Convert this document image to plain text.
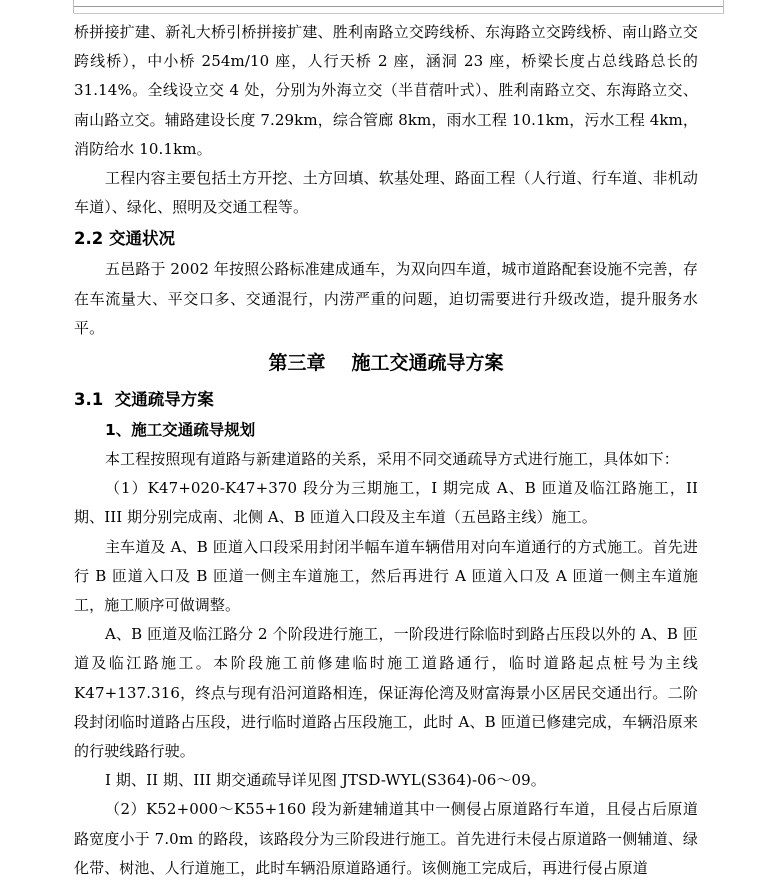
桥拼接扩建、新礼大桥引桥拼接扩建、胜利南路立交跨线桥、东海路立交跨线桥、南山路立交跨线桥），中小桥 254m/10 座，人行天桥 2 座，涵洞 23 座，桥梁长度占总线路总长的 31.14%。全线设立交 4 处，分别为外海立交（半苜蓿叶式）、胜利南路立交、东海路立交、南山路立交。辅路建设长度 7.29km，综合管廊 8km，雨水工程 10.1km，污水工程 4km，消防给水 10.1km。

工程内容主要包括土方开挖、土方回填、软基处理、路面工程（人行道、行车道、非机动车道）、绿化、照明及交通工程等。

2.2 交通状况

五邑路于 2002 年按照公路标准建成通车，为双向四车道，城市道路配套设施不完善，存在车流量大、平交口多、交通混行，内涝严重的问题，迫切需要进行升级改造，提升服务水平。

第三章 施工交通疏导方案

3.1  交通疏导方案

1、施工交通疏导规划

本工程按照现有道路与新建道路的关系，采用不同交通疏导方式进行施工，具体如下：

（1）K47+020-K47+370 段分为三期施工，I 期完成 A、B 匝道及临江路施工，II 期、III 期分别完成南、北侧 A、B 匝道入口段及主车道（五邑路主线）施工。

主车道及 A、B 匝道入口段采用封闭半幅车道车辆借用对向车道通行的方式施工。首先进行 B 匝道入口及 B 匝道一侧主车道施工，然后再进行 A 匝道入口及 A 匝道一侧主车道施工，施工顺序可做调整。

A、B 匝道及临江路分 2 个阶段进行施工，一阶段进行除临时到路占压段以外的 A、B 匝道及临江路施工。本阶段施工前修建临时施工道路通行，临时道路起点桩号为主线 K47+137.316，终点与现有沿河道路相连，保证海伦湾及财富海景小区居民交通出行。二阶段封闭临时道路占压段，进行临时道路占压段施工，此时 A、B 匝道已修建完成，车辆沿原来的行驶线路行驶。

I 期、II 期、III 期交通疏导详见图 JTSD-WYL(S364)-06～09。

（2）K52+000～K55+160 段为新建辅道其中一侧侵占原道路行车道，且侵占后原道路宽度小于 7.0m 的路段，该路段分为三阶段进行施工。首先进行未侵占原道路一侧辅道、绿化带、树池、人行道施工，此时车辆沿原道路通行。该侧施工完成后，再进行侵占原道
